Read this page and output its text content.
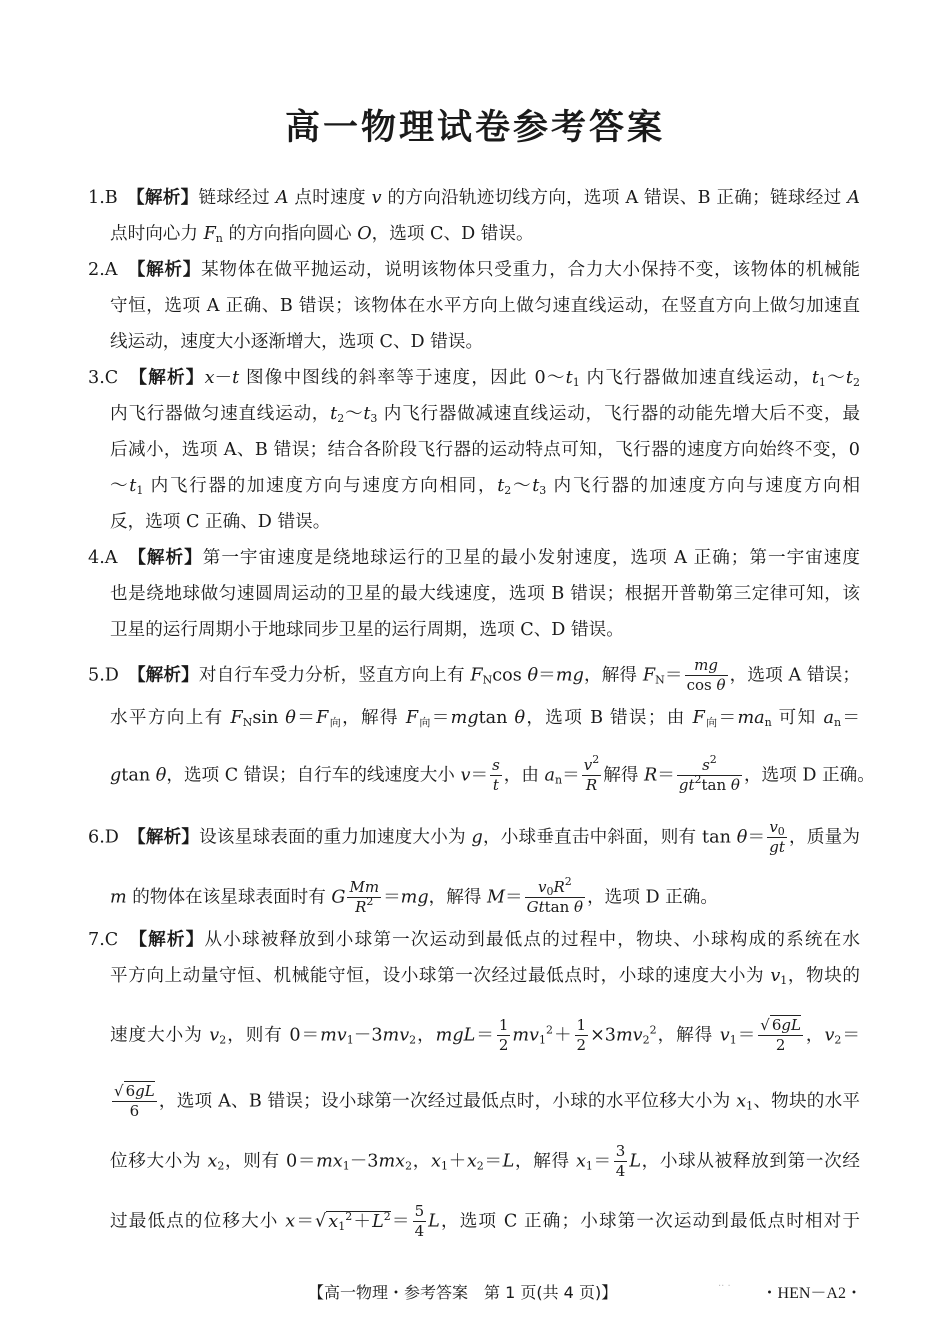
高一物理试卷参考答案
1.B　 【解析】链球经过 A 点时速度 v 的方向沿轨迹切线方向，选项 A 错误、B 正确；链球经过 A
点时向心力 $F_n$ 的方向指向圆心 O，选项 C、D 错误。
2.A　 【解析】某物体在做平抛运动，说明该物体只受重力，合力大小保持不变，该物体的机械能
守恒，选项 A 正确、B 错误；该物体在水平方向上做匀速直线运动，在竖直方向上做匀加速直
线运动，速度大小逐渐增大，选项 C、D 错误。
3.C　 【解析】x－t 图像中图线的斜率等于速度，因此 $0\sim t_1$ 内飞行器做加速直线运动，$t_1\sim t_2$
内飞行器做匀速直线运动，$t_2\sim t_3$ 内飞行器做减速直线运动，飞行器的动能先增大后不变，最
后减小，选项 A、B 错误；结合各阶段飞行器的运动特点可知，飞行器的速度方向始终不变，0
$\sim t_1$ 内飞行器的加速度方向与速度方向相同，$t_2\sim t_3$ 内飞行器的加速度方向与速度方向相
反，选项 C 正确、D 错误。
4.A　 【解析】第一宇宙速度是绕地球运行的卫星的最小发射速度，选项 A 正确；第一宇宙速度
也是绕地球做匀速圆周运动的卫星的最大线速度，选项 B 错误；根据开普勒第三定律可知，该
卫星的运行周期小于地球同步卫星的运行周期，选项 C、D 错误。
5.D　 【解析】对自行车受力分析，竖直方向上有 $F_N\cos$ θ＝mg，解得 $F_N= \frac{mg}{\text{cos θ}}$ ，选项 A 错误；
水平方向上有 $F_N\sin$ $\theta=F_向$，解得 $F_向=mgtan$ θ，选项 B 错误；由 $F_向=ma_n$ 可知 $a_n=$
gtan θ，选项 C 错误；自行车的线速度大小 $v= \frac{s}{t}$ ，由 $a_n= \frac{v^2}{R}$ 解得 $R= \frac{s^2}{gt^2\tan \theta}$ ，选项 D 正确。
6.D　 【解析】设该星球表面的重力加速度大小为 g，小球垂直击中斜面，则有 $\tan \theta= \frac{v_0}{gt}$ ，质量为
m 的物体在该星球表面时有 G $\frac{Mm}{R^2} =mg$，解得 $M= \frac{v_0R^2}{\text{Gttan θ}}$ ，选项 D 正确。
7.C　 【解析】从小球被释放到小球第一次运动到最低点的过程中，物块、小球构成的系统在水
平方向上动量守恒、机械能守恒，设小球第一次经过最低点时，小球的速度大小为 $v_1$，物块的
速度大小为 $v_2$，则有 $0=mv_1-3mv_2$，$mgL= \frac{1}{2} mv_1^2+ \frac{1}{2} \times 3mv_2^2$，解得 $v_1= \frac{√ 6gL}{2}$ ，$v_2=$
$\frac{√ 6gL}{6}$ ，选项 A、B 错误；设小球第一次经过最低点时，小球的水平位移大小为 $x_1$、物块的水平
位移大小为 $x_2$，则有 $0=mx_1-3mx_2$，$x_1+x_2=L$，解得 $x_1= \frac{3}{4}$ L，小球从被释放到第一次经
过最低点的位移大小 x＝√ $x_1^2+L^2= \frac{5}{4}$ L，选项 C 正确；小球第一次运动到最低点时相对于
【高一物理・参考答案　第 1 页(共 4 页)】	.. .
・HEN－A2・
